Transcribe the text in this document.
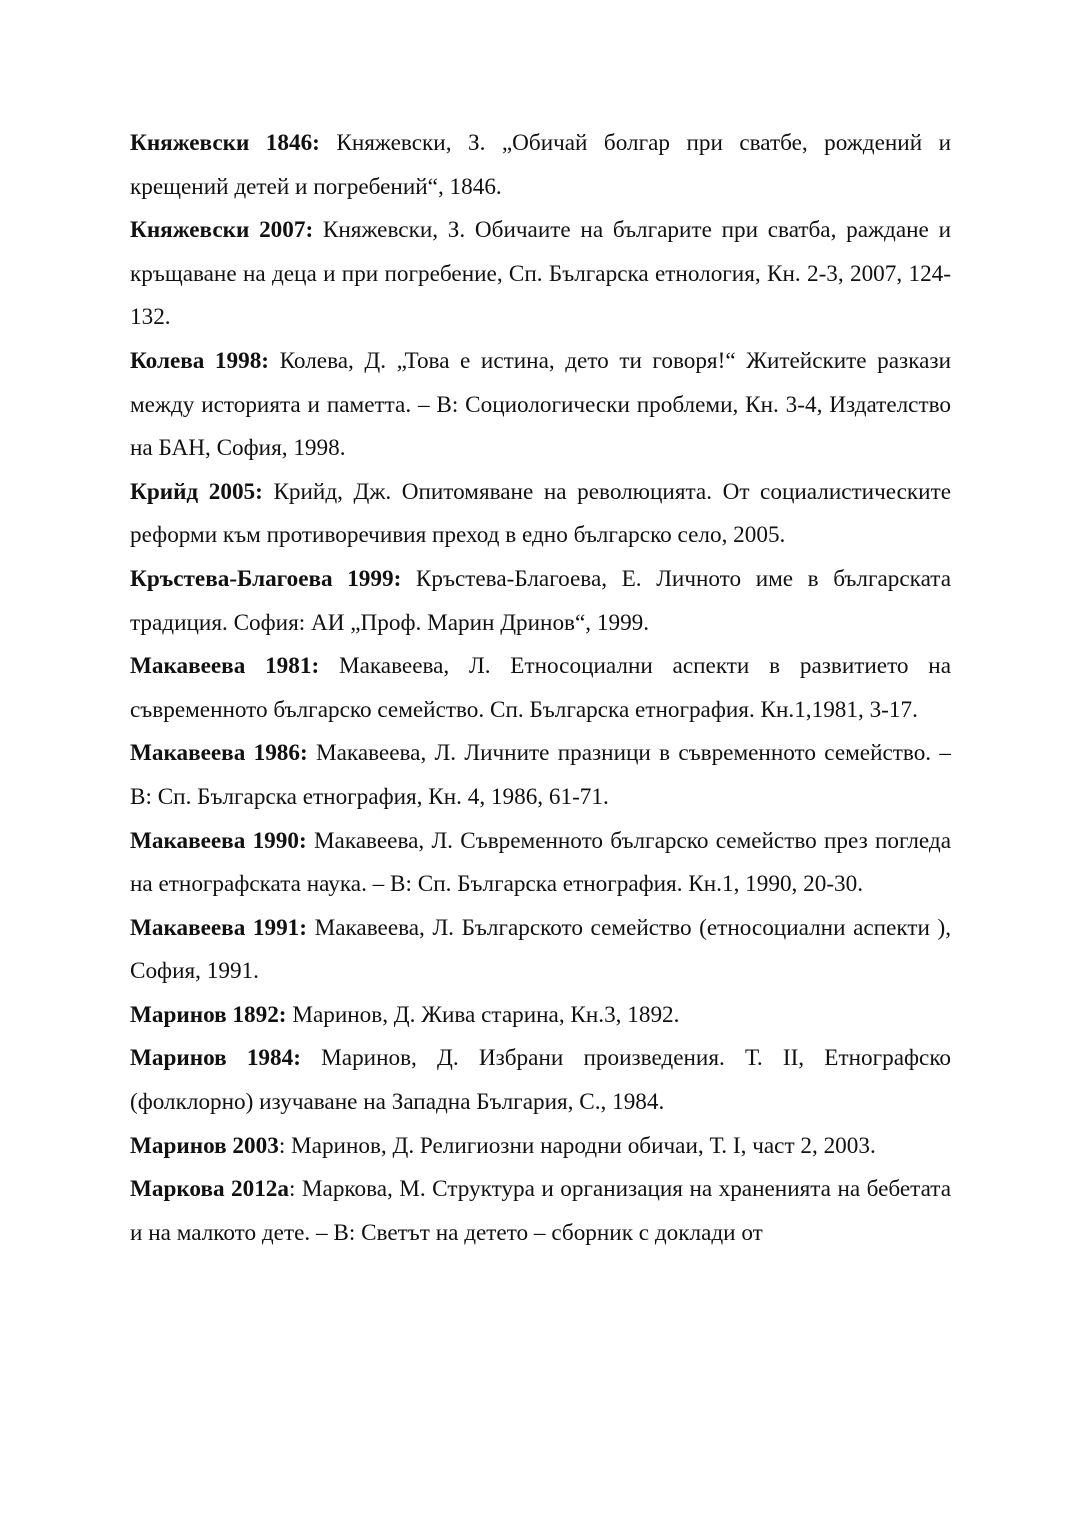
Княжевски 1846: Княжевски, З. „Обичай болгар при сватбе, рождений и крещений детей и погребений“, 1846.

Княжевски 2007: Княжевски, З. Обичаите на българите при сватба, раждане и кръщаване на деца и при погребение, Сп. Българска етнология, Кн. 2-3, 2007, 124-132.

Колева 1998: Колева, Д. „Това е истина, дето ти говоря!“ Житейските разкази между историята и паметта. – В: Социологически проблеми, Кн. 3-4, Издателство на БАН, София, 1998.

Крийд 2005: Крийд, Дж. Опитомяване на революцията. От социалистическите реформи към противоречивия преход в едно българско село, 2005.

Кръстева-Благоева 1999: Кръстева-Благоева, Е. Личното име в българската традиция. София: АИ „Проф. Марин Дринов“, 1999.

Макавеева 1981: Макавеева, Л. Етносоциални аспекти в развитието на съвременното българско семейство. Сп. Българска етнография. Кн.1,1981, 3-17.

Макавеева 1986: Макавеева, Л. Личните празници в съвременното семейство. – В: Сп. Българска етнография, Кн. 4, 1986, 61-71.

Макавеева 1990: Макавеева, Л. Съвременното българско семейство през погледа на етнографската наука. – В: Сп. Българска етнография. Кн.1, 1990, 20-30.

Макавеева 1991: Макавеева, Л. Българското семейство (етносоциални аспекти ), София, 1991.

Маринов 1892: Маринов, Д. Жива старина, Кн.3, 1892.

Маринов 1984: Маринов, Д. Избрани произведения. Т. II, Етнографско (фолклорно) изучаване на Западна България, С., 1984.

Маринов 2003: Маринов, Д. Религиозни народни обичаи, Т. I, част 2, 2003.

Маркова 2012а: Маркова, М. Структура и организация на храненията на бебетата и на малкото дете. – В: Светът на детето – сборник с доклади от
